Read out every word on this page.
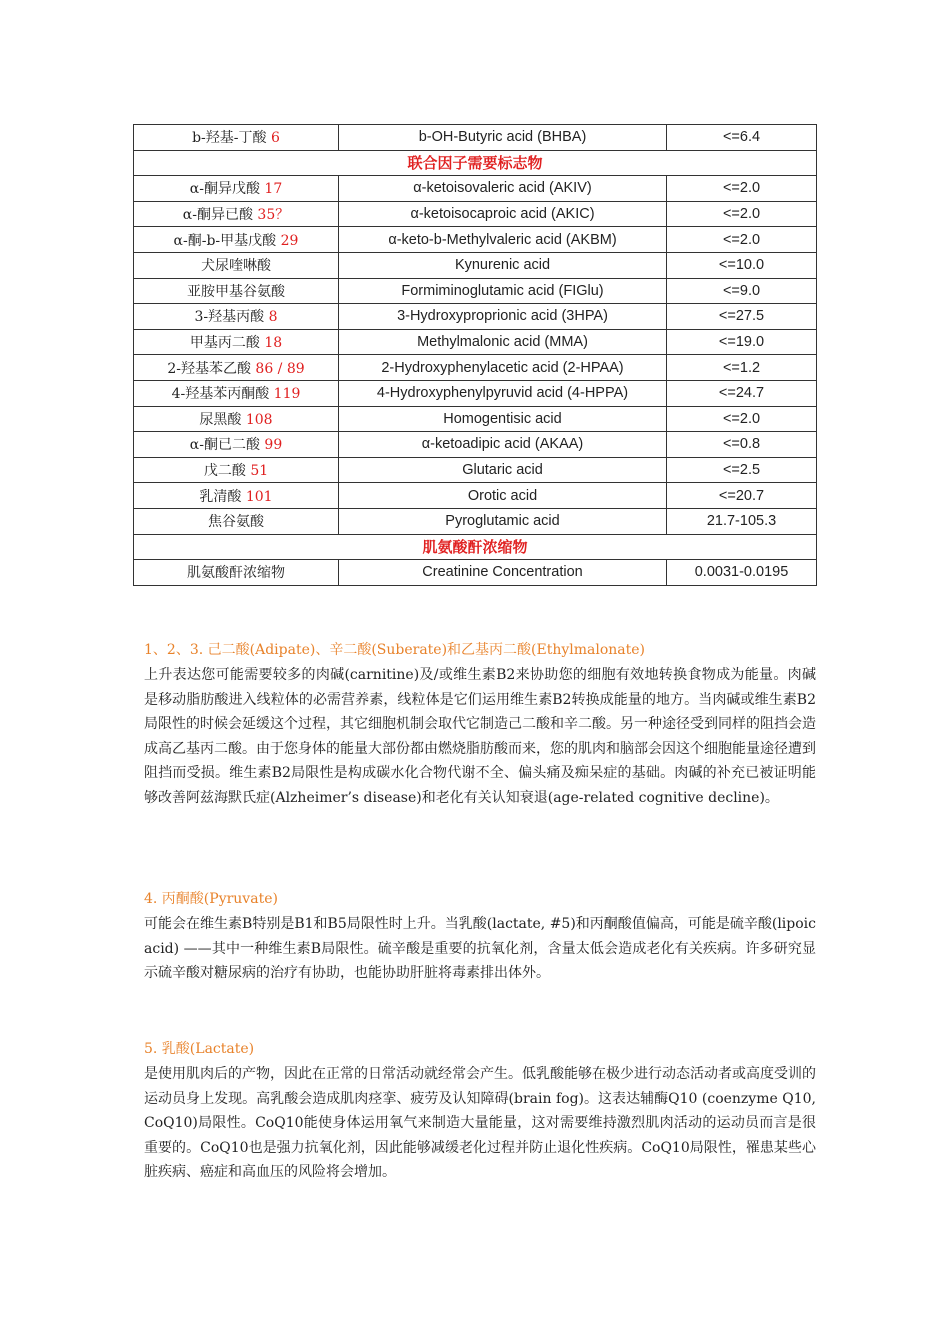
b-羟基-丁酸 6	b-OH-Butyric acid (BHBA)	<=6.4
联合因子需要标志物		
α-酮异戊酸 17	α-ketoisovaleric acid (AKIV)	<=2.0
α-酮异已酸 35？	α-ketoisocaproic acid (AKIC)	<=2.0
α-酮-b-甲基戊酸 29	α-keto-b-Methylvaleric acid (AKBM)	<=2.0
犬尿喹啉酸	Kynurenic acid	<=10.0
亚胺甲基谷氨酸	Formiminoglutamic acid (FIGlu)	<=9.0
3-羟基丙酸 8	3-Hydroxyproprionic acid (3HPA)	<=27.5
甲基丙二酸 18	Methylmalonic acid (MMA)	<=19.0
2-羟基苯乙酸 86 / 89	2-Hydroxyphenylacetic acid (2-HPAA)	<=1.2
4-羟基苯丙酮酸 119	4-Hydroxyphenylpyruvid acid (4-HPPA)	<=24.7
尿黑酸 108	Homogentisic acid	<=2.0
α-酮已二酸 99	α-ketoadipic acid (AKAA)	<=0.8
戊二酸 51	Glutaric acid	<=2.5
乳清酸 101	Orotic acid	<=20.7
焦谷氨酸	Pyroglutamic acid	21.7-105.3
肌氨酸酐浓缩物		
肌氨酸酐浓缩物	Creatinine Concentration	0.0031-0.0195
1、2、3. 己二酸(Adipate)、辛二酸(Suberate)和乙基丙二酸(Ethylmalonate)

上升表达您可能需要较多的肉碱(carnitine)及/或维生素B2来协助您的细胞有效地转换食物成为能量。肉碱是移动脂肪酸进入线粒体的必需营养素，线粒体是它们运用维生素B2转换成能量的地方。当肉碱或维生素B2局限性的时候会延缓这个过程，其它细胞机制会取代它制造己二酸和辛二酸。另一种途径受到同样的阻挡会造成高乙基丙二酸。由于您身体的能量大部份都由燃烧脂肪酸而来，您的肌肉和脑部会因这个细胞能量途径遭到阻挡而受损。维生素B2局限性是构成碳水化合物代谢不全、偏头痛及痴呆症的基础。肉碱的补充已被证明能够改善阿兹海默氏症(Alzheimer’s disease)和老化有关认知衰退(age-related cognitive decline)。

4. 丙酮酸(Pyruvate)

可能会在维生素B特别是B1和B5局限性时上升。当乳酸(lactate, #5)和丙酮酸值偏高，可能是硫辛酸(lipoic acid) ——其中一种维生素B局限性。硫辛酸是重要的抗氧化剂，含量太低会造成老化有关疾病。许多研究显示硫辛酸对糖尿病的治疗有协助，也能协助肝脏将毒素排出体外。

5. 乳酸(Lactate)

是使用肌肉后的产物，因此在正常的日常活动就经常会产生。低乳酸能够在极少进行动态活动者或高度受训的运动员身上发现。高乳酸会造成肌肉痉挛、疲劳及认知障碍(brain fog)。这表达辅酶Q10 (coenzyme Q10, CoQ10)局限性。CoQ10能使身体运用氧气来制造大量能量，这对需要维持激烈肌肉活动的运动员而言是很重要的。CoQ10也是强力抗氧化剂，因此能够减缓老化过程并防止退化性疾病。CoQ10局限性，罹患某些心脏疾病、癌症和高血压的风险将会增加。
